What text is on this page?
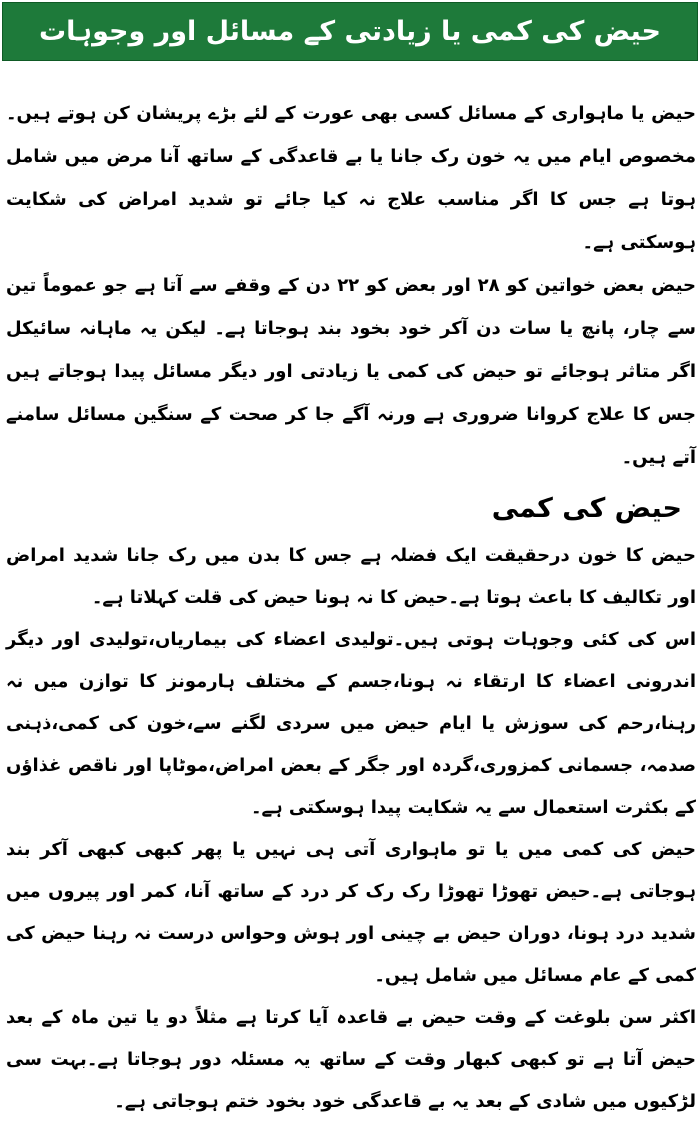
حیض کی کمی یا زیادتی کے مسائل اور وجوہات

حیض یا ماہواری کے مسائل کسی بھی عورت کے لئے بڑے پریشان کن ہوتے ہیں۔مخصوص ایام میں یہ خون رک جانا یا بے قاعدگی کے ساتھ آنا مرض میں شامل ہوتا ہے جس کا اگر مناسب علاج نہ کیا جائے تو شدید امراض کی شکایت ہوسکتی ہے۔

حیض بعض خواتین کو ۲۸ اور بعض کو ۲۲ دن کے وقفے سے آتا ہے جو عموماً تین سے چار، پانچ یا سات دن آکر خود بخود بند ہوجاتا ہے۔ لیکن یہ ماہانہ سائیکل اگر متاثر ہوجائے تو حیض کی کمی یا زیادتی اور دیگر مسائل پیدا ہوجاتے ہیں جس کا علاج کروانا ضروری ہے ورنہ آگے جا کر صحت کے سنگین مسائل سامنے آتے ہیں۔

حیض کی کمی

حیض کا خون درحقیقت ایک فضلہ ہے جس کا بدن میں رک جانا شدید امراض اور تکالیف کا باعث ہوتا ہے۔حیض کا نہ ہونا حیض کی قلت کہلاتا ہے۔

اس کی کئی وجوہات ہوتی ہیں۔تولیدی اعضاء کی بیماریاں،تولیدی اور دیگر اندرونی اعضاء کا ارتقاء نہ ہونا،جسم کے مختلف ہارمونز کا توازن میں نہ رہنا،رحم کی سوزش یا ایام حیض میں سردی لگنے سے،خون کی کمی،ذہنی صدمہ، جسمانی کمزوری،گردہ اور جگر کے بعض امراض،موٹاپا اور ناقص غذاؤں کے بکثرت استعمال سے یہ شکایت پیدا ہوسکتی ہے۔

حیض کی کمی میں یا تو ماہواری آتی ہی نہیں یا پھر کبھی کبھی آکر بند ہوجاتی ہے۔حیض تھوڑا تھوڑا رک رک کر درد کے ساتھ آنا، کمر اور پیروں میں شدید درد ہونا، دوران حیض بے چینی اور ہوش وحواس درست نہ رہنا حیض کی کمی کے عام مسائل میں شامل ہیں۔

اکثر سن بلوغت کے وقت حیض بے قاعدہ آیا کرتا ہے مثلاً دو یا تین ماہ کے بعد حیض آتا ہے تو کبھی کبھار وقت کے ساتھ یہ مسئلہ دور ہوجاتا ہے۔بہت سی لڑکیوں میں شادی کے بعد یہ بے قاعدگی خود بخود ختم ہوجاتی ہے۔
